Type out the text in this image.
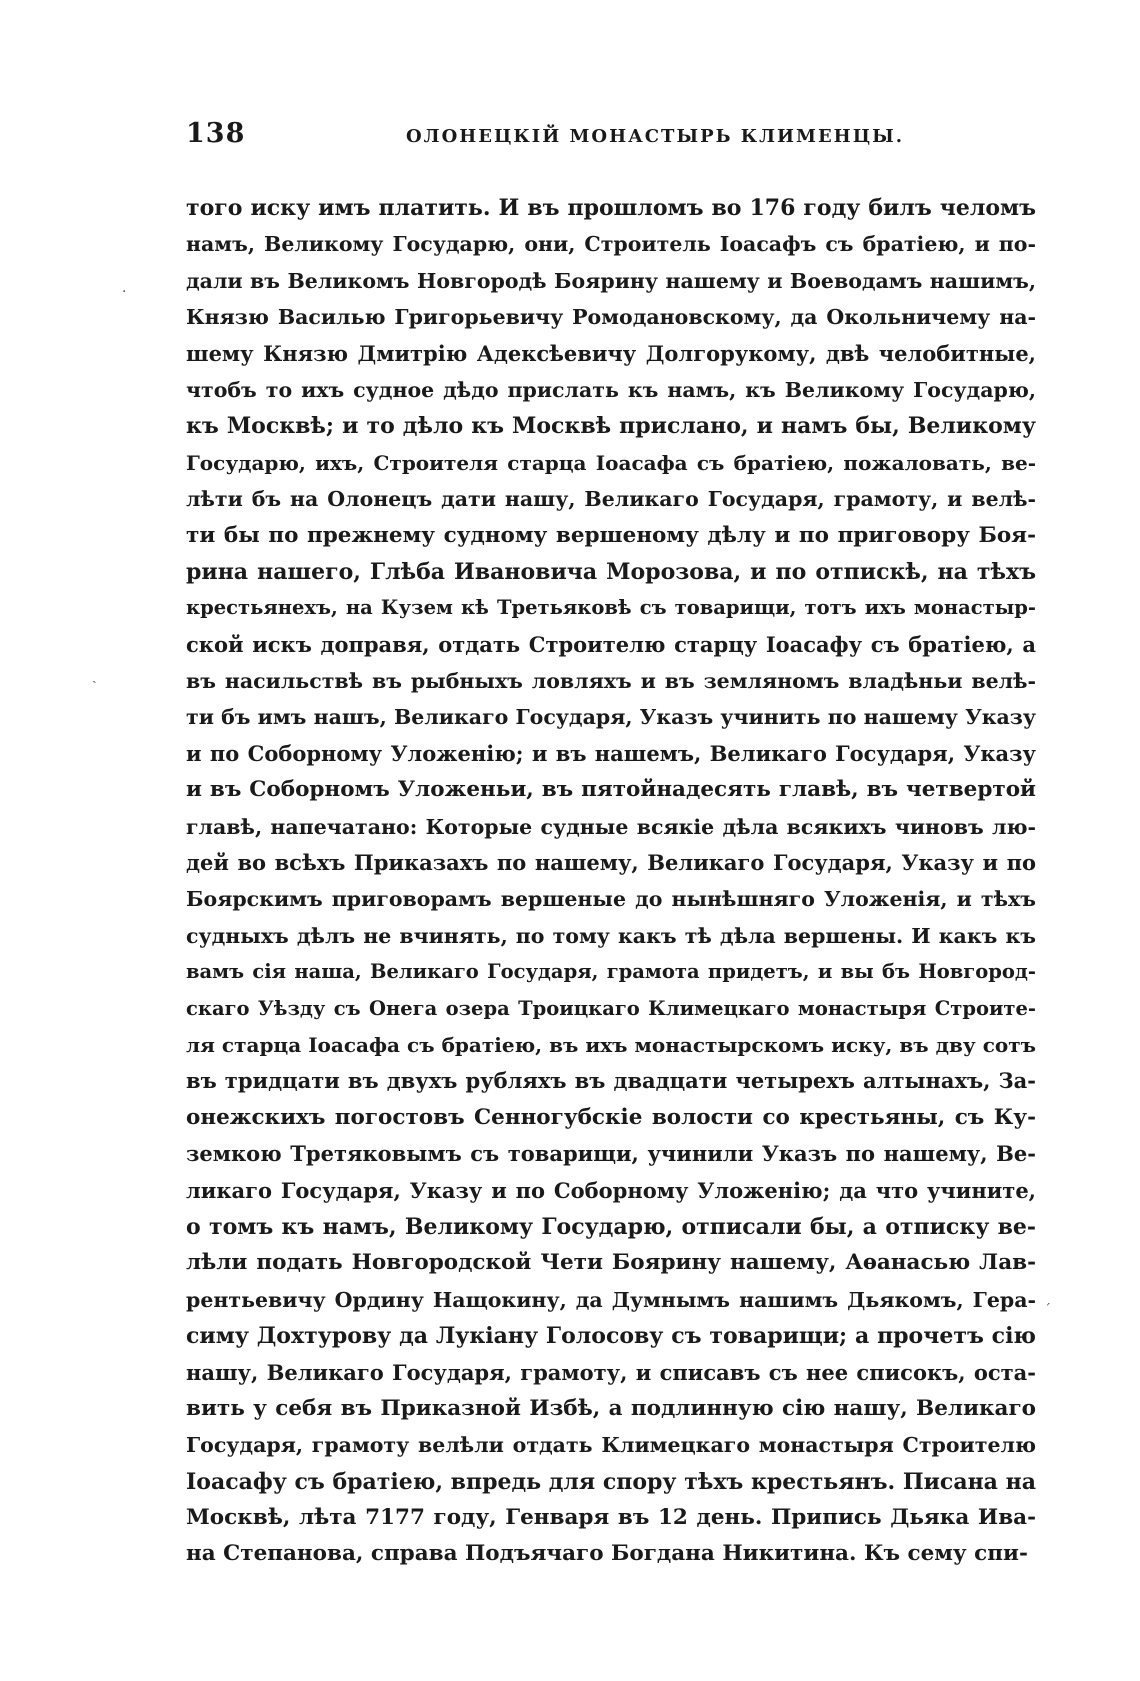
138	ОЛОНЕЦКІЙ МОНАСТЫРЬ КЛИМЕНЦЫ.
·
ˎ
ˊ
того иску имъ платить. И въ прошломъ во 176 году билъ челомъ
намъ, Великому Государю, они, Строитель Іоасафъ съ братіею, и по-
дали въ Великомъ Новгородѣ Боярину нашему и Воеводамъ нашимъ,
Князю Василью Григорьевичу Ромодановскому, да Окольничему на-
шему Князю Дмитрію Адексѣевичу Долгорукому, двѣ челобитные,
чтобъ то ихъ судное дѣдо прислать къ намъ, къ Великому Государю,
къ Москвѣ; и то дѣло къ Москвѣ прислано, и намъ бы, Великому
Государю, ихъ, Строителя старца Іоасафа съ братіею, пожаловать, ве-
лѣти бъ на Олонецъ дати нашу, Великаго Государя, грамоту, и велѣ-
ти бы по прежнему судному вершеному дѣлу и по приговору Боя-
рина нашего, Глѣба Ивановича Морозова, и по отпискѣ, на тѣхъ
крестьянехъ, на Кузем кѣ Третьяковѣ съ товарищи, тотъ ихъ монастыр-
ской искъ доправя, отдать Строителю старцу Іоасафу съ братіею, а
въ насильствѣ въ рыбныхъ ловляхъ и въ земляномъ владѣньи велѣ-
ти бъ имъ нашъ, Великаго Государя, Указъ учинить по нашему Указу
и по Соборному Уложенію; и въ нашемъ, Великаго Государя, Указу
и въ Соборномъ Уложеньи, въ пятойнадесять главѣ, въ четвертой
главѣ, напечатано: Которые судные всякіе дѣла всякихъ чиновъ лю-
дей во всѣхъ Приказахъ по нашему, Великаго Государя, Указу и по
Боярскимъ приговорамъ вершеные до нынѣшняго Уложенія, и тѣхъ
судныхъ дѣлъ не вчинять, по тому какъ тѣ дѣла вершены. И какъ къ
вамъ сія наша, Великаго Государя, грамота придетъ, и вы бъ Новгород-
скаго Уѣзду съ Онега озера Троицкаго Климецкаго монастыря Строите-
ля старца Іоасафа съ братіею, въ ихъ монастырскомъ иску, въ дву сотъ
въ тридцати въ двухъ рубляхъ въ двадцати четырехъ алтынахъ, За-
онежскихъ погостовъ Сенногубскіе волости со крестьяны, съ Ку-
земкою Третяковымъ съ товарищи, учинили Указъ по нашему, Ве-
ликаго Государя, Указу и по Соборному Уложенію; да что учините,
о томъ къ намъ, Великому Государю, отписали бы, а отписку ве-
лѣли подать Новгородской Чети Боярину нашему, Аѳанасью Лав-
рентьевичу Ордину Нащокину, да Думнымъ нашимъ Дьякомъ, Гера-
симу Дохтурову да Лукіану Голосову съ товарищи; а прочетъ сію
нашу, Великаго Государя, грамоту, и списавъ съ нее списокъ, оста-
вить у себя въ Приказной Избѣ, а подлинную сію нашу, Великаго
Государя, грамоту велѣли отдать Климецкаго монастыря Строителю
Іоасафу съ братіею, впредь для спору тѣхъ крестьянъ. Писана на
Москвѣ, лѣта 7177 году, Генваря въ 12 день. Припись Дьяка Ива-
на Степанова, справа Подъячаго Богдана Никитина. Къ сему спи-
